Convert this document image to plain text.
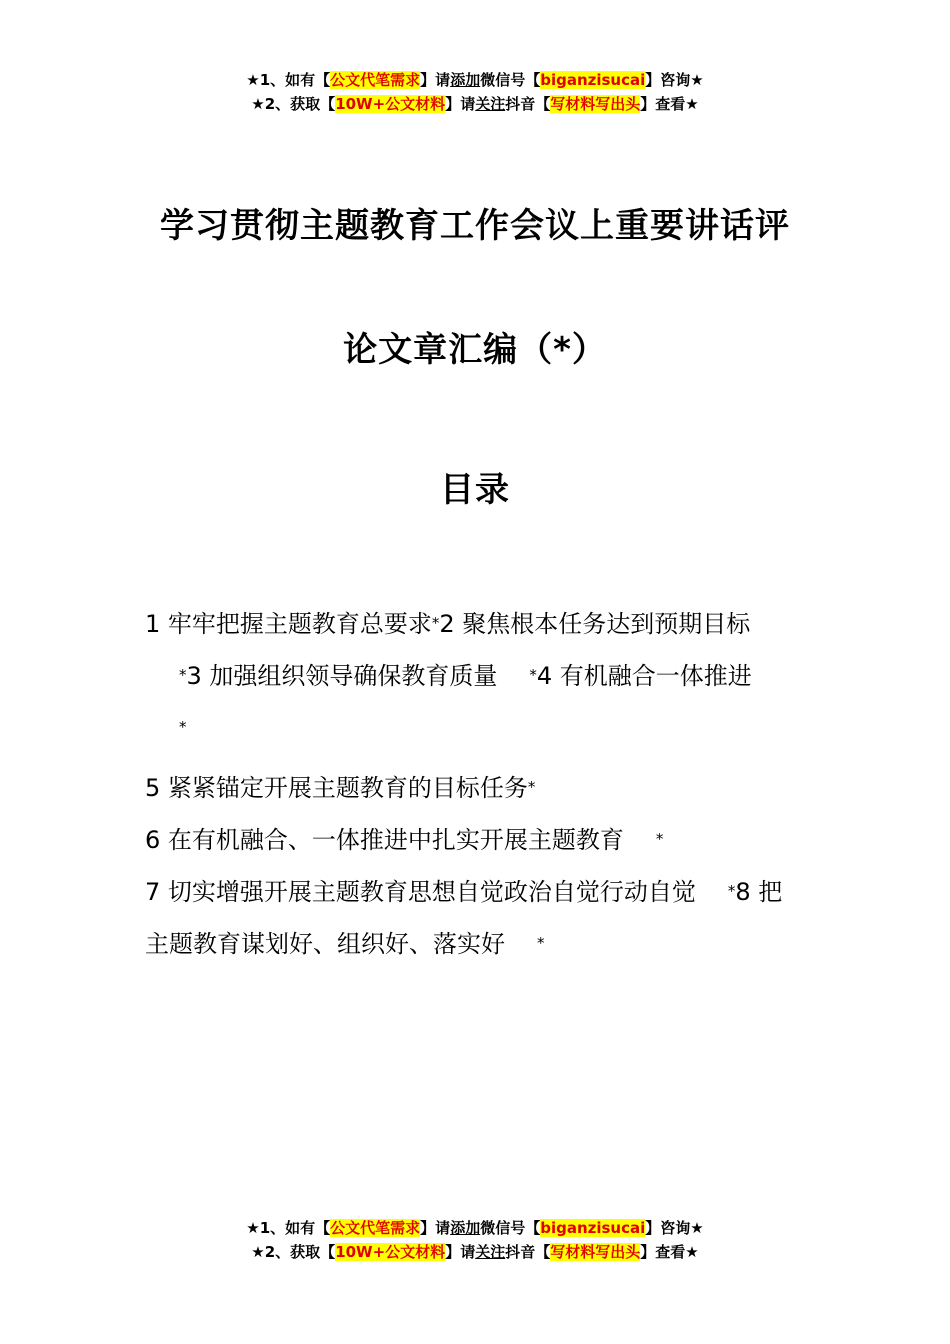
★1、如有【公文代笔需求】请添加微信号【biganzisucai】咨询★
★2、获取【10W+公文材料】请关注抖音【写材料写出头】查看★
学习贯彻主题教育工作会议上重要讲话评
论文章汇编（*）
目录

1 牢牢把握主题教育总要求*2 聚焦根本任务达到预期目标

*3 加强组织领导确保教育质量 *4 有机融合一体推进

*

5 紧紧锚定开展主题教育的目标任务*

6 在有机融合、一体推进中扎实开展主题教育 *

7 切实增强开展主题教育思想自觉政治自觉行动自觉 *8 把

主题教育谋划好、组织好、落实好 *

★1、如有【公文代笔需求】请添加微信号【biganzisucai】咨询★
★2、获取【10W+公文材料】请关注抖音【写材料写出头】查看★
